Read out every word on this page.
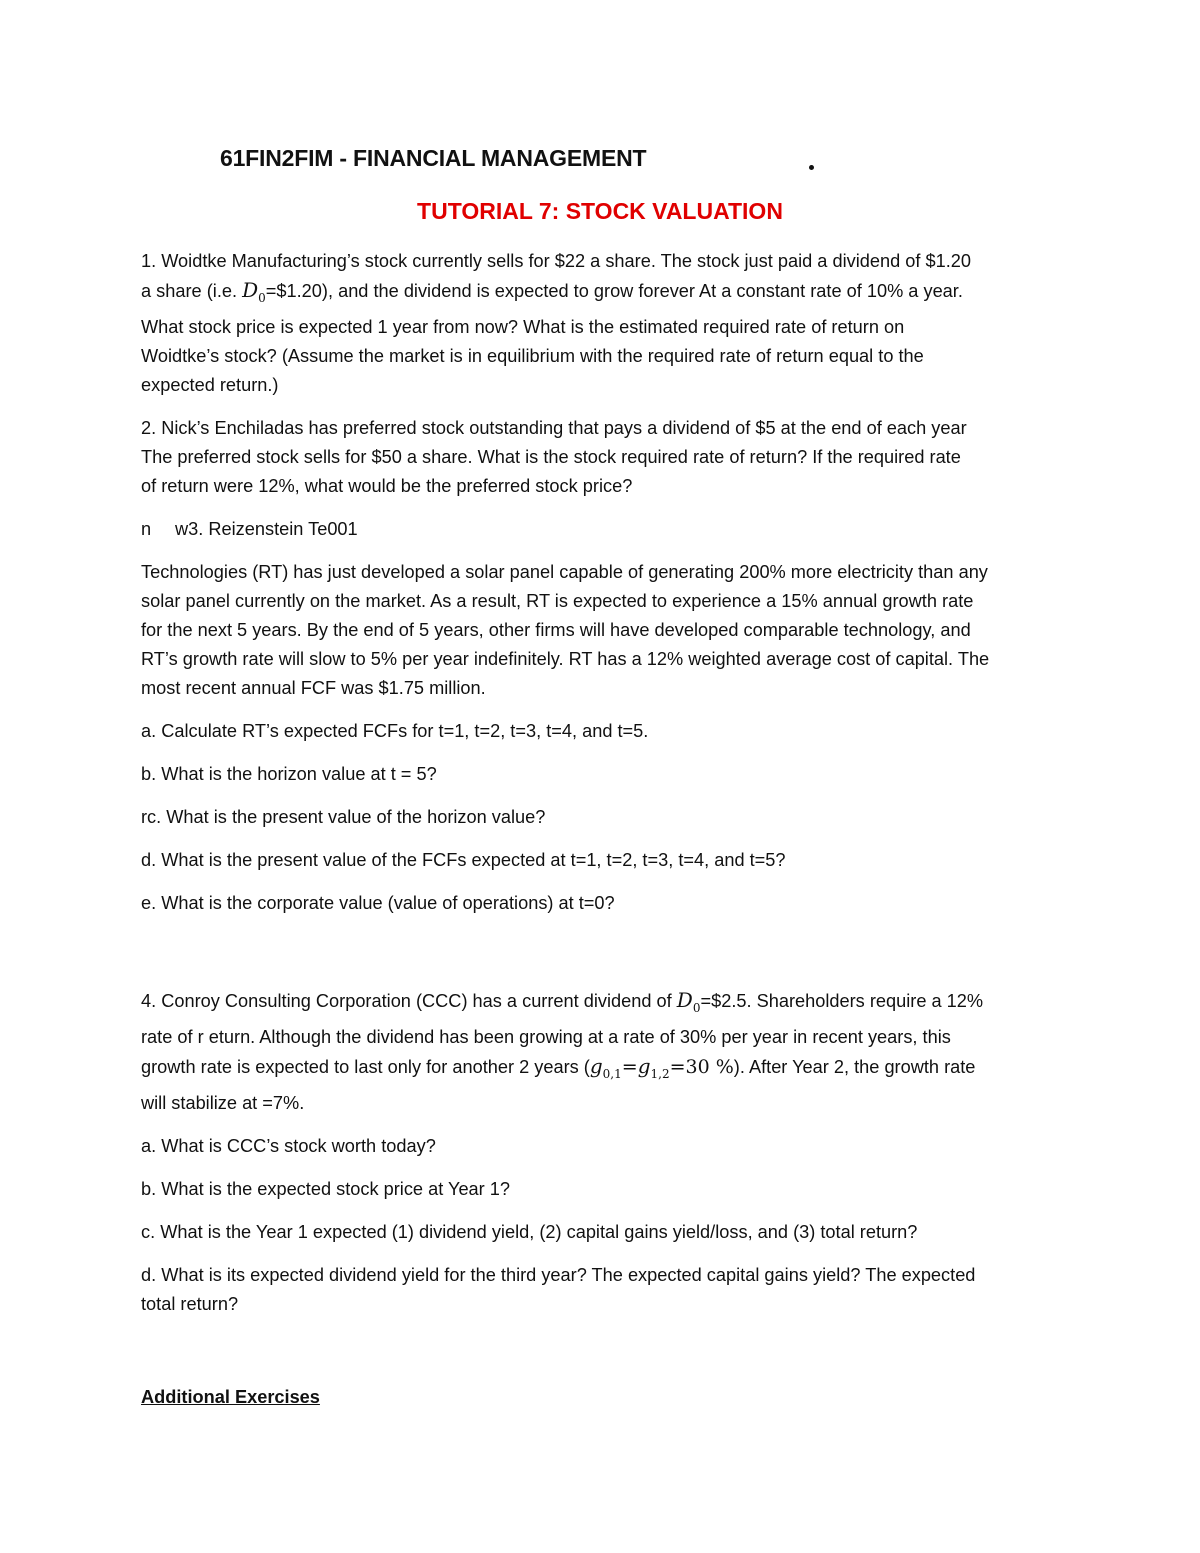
61FIN2FIM - FINANCIAL MANAGEMENT
TUTORIAL 7: STOCK VALUATION

1. Woidtke Manufacturing’s stock currently sells for $22 a share. The stock just paid a dividend of $1.20

a share (i.e. $D_0=\$1.20$), and the dividend is expected to grow forever At a constant rate of 10% a year.

What stock price is expected 1 year from now? What is the estimated required rate of return on

Woidtke’s stock? (Assume the market is in equilibrium with the required rate of return equal to the

expected return.)

2. Nick’s Enchiladas has preferred stock outstanding that pays a dividend of $5 at the end of each year

The preferred stock sells for $50 a share. What is the stock required rate of return? If the required rate

of return were 12%, what would be the preferred stock price?

n w3. Reizenstein Te001

Technologies (RT) has just developed a solar panel capable of generating 200% more electricity than any

solar panel currently on the market. As a result, RT is expected to experience a 15% annual growth rate

for the next 5 years. By the end of 5 years, other firms will have developed comparable technology, and

RT’s growth rate will slow to 5% per year indefinitely. RT has a 12% weighted average cost of capital. The

most recent annual FCF was $1.75 million.

a. Calculate RT’s expected FCFs for t=1, t=2, t=3, t=4, and t=5.

b. What is the horizon value at t = 5?

rc. What is the present value of the horizon value?

d. What is the present value of the FCFs expected at t=1, t=2, t=3, t=4, and t=5?

e. What is the corporate value (value of operations) at t=0?

4. Conroy Consulting Corporation (CCC) has a current dividend of $D_0=\$2.5$. Shareholders require a 12%

rate of r eturn. Although the dividend has been growing at a rate of 30% per year in recent years, this

growth rate is expected to last only for another 2 years ($g_{0,1}=g_{1,2}=30$ %). After Year 2, the growth rate

will stabilize at =7%.

a. What is CCC’s stock worth today?

b. What is the expected stock price at Year 1?

c. What is the Year 1 expected (1) dividend yield, (2) capital gains yield/loss, and (3) total return?

d. What is its expected dividend yield for the third year? The expected capital gains yield? The expected

total return?

Additional Exercises
